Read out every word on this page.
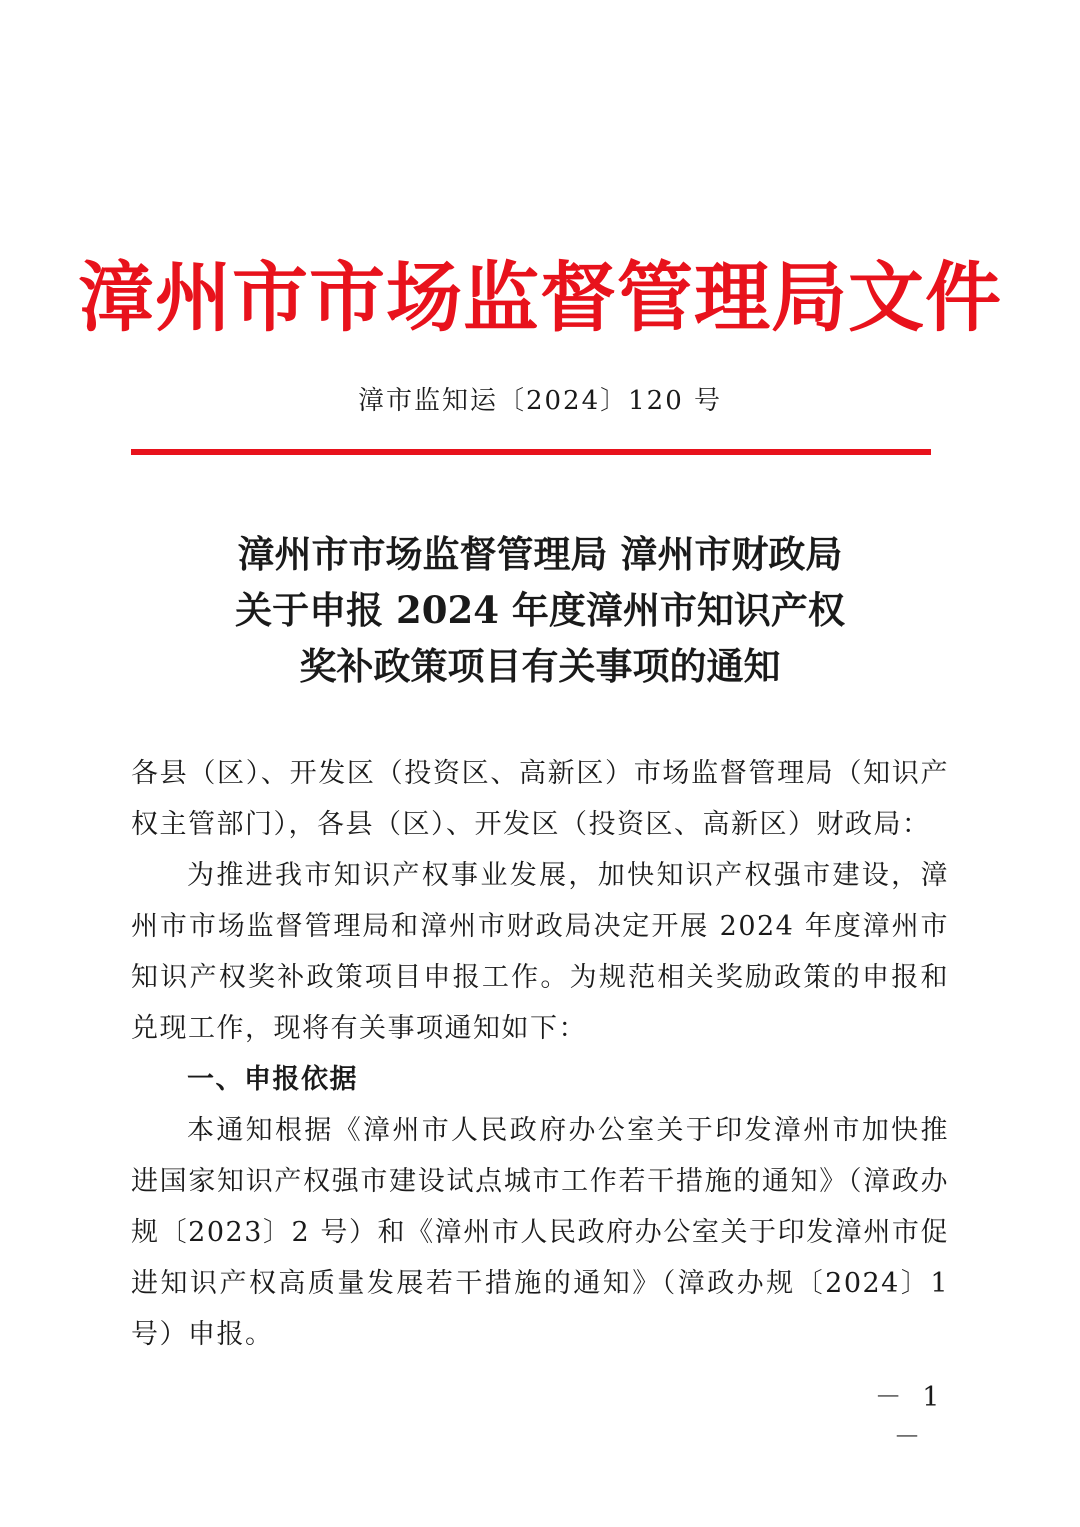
漳州市市场监督管理局文件
漳市监知运〔2024〕120 号
漳州市市场监督管理局 漳州市财政局
关于申报 2024 年度漳州市知识产权
奖补政策项目有关事项的通知

各县（区）、开发区（投资区、高新区）市场监督管理局（知识产权主管部门），各县（区）、开发区（投资区、高新区）财政局：

为推进我市知识产权事业发展，加快知识产权强市建设，漳州市市场监督管理局和漳州市财政局决定开展 2024 年度漳州市知识产权奖补政策项目申报工作。为规范相关奖励政策的申报和兑现工作，现将有关事项通知如下：

一、申报依据

本通知根据《漳州市人民政府办公室关于印发漳州市加快推进国家知识产权强市建设试点城市工作若干措施的通知》（漳政办规〔2023〕2 号）和《漳州市人民政府办公室关于印发漳州市促进知识产权高质量发展若干措施的通知》（漳政办规〔2024〕1 号）申报。

－ 1 －
